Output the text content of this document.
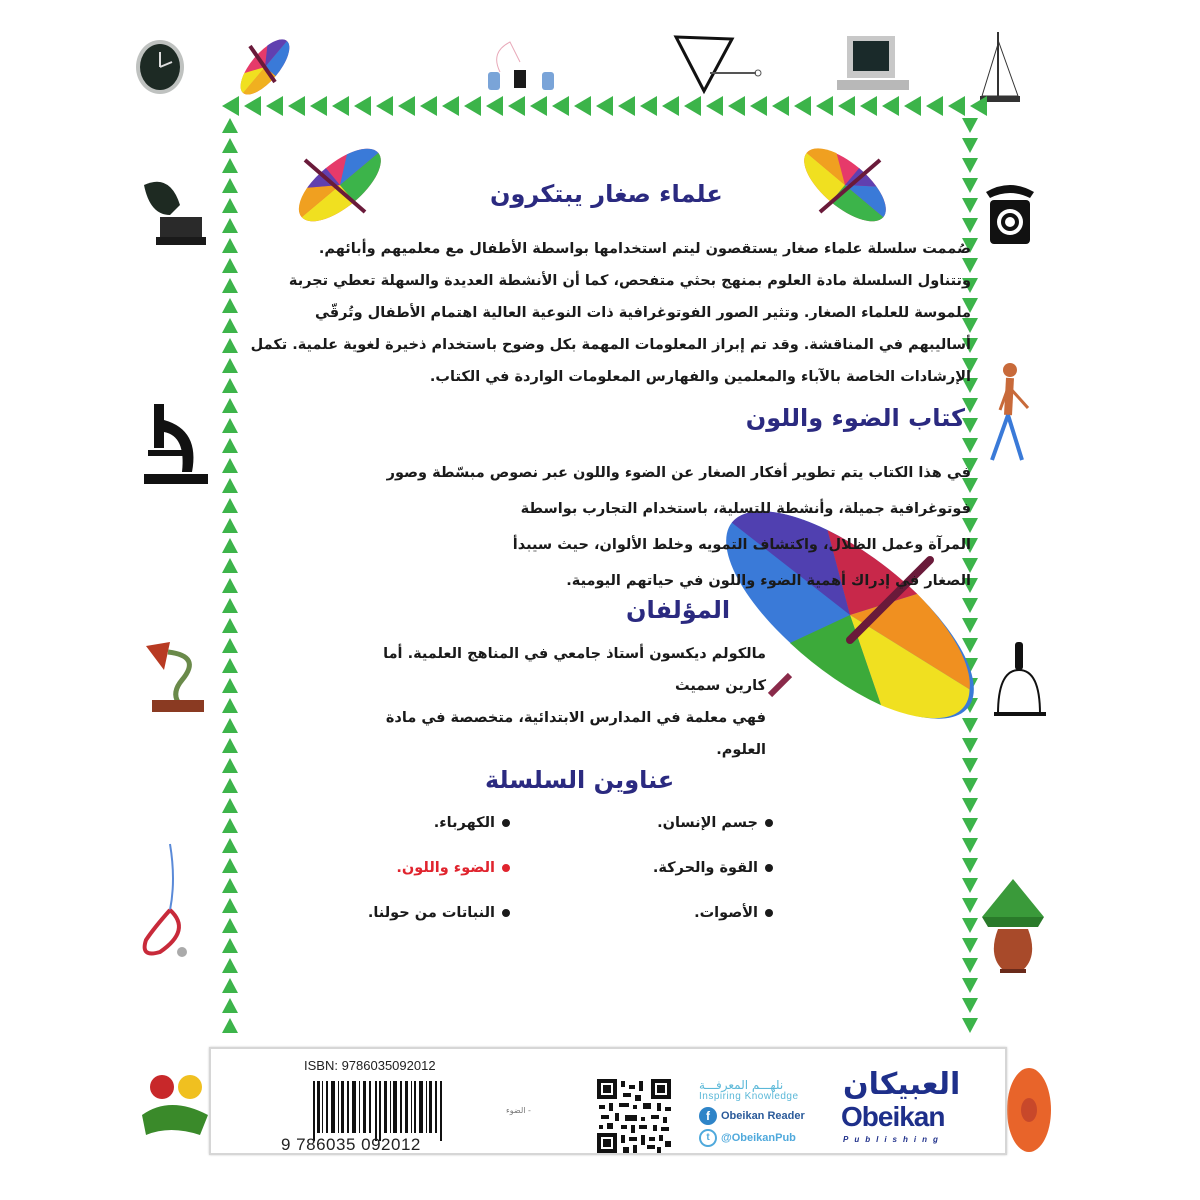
علماء صغار يبتكرون
صُممت سلسلة علماء صغار يستقصون ليتم استخدامها بواسطة الأطفال مع معلميهم وأبائهم.
وتتناول السلسلة مادة العلوم بمنهج بحثي متفحص، كما أن الأنشطة العديدة والسهلة تعطي تجربة
ملموسة للعلماء الصغار. وتثير الصور الفوتوغرافية ذات النوعية العالية اهتمام الأطفال وتُرقّي
أساليبهم في المناقشة. وقد تم إبراز المعلومات المهمة بكل وضوح باستخدام ذخيرة لغوية علمية. تكمل
الإرشادات الخاصة بالآباء والمعلمين والفهارس المعلومات الواردة في الكتاب.
كتاب الضوء واللون
في هذا الكتاب يتم تطوير أفكار الصغار عن الضوء واللون عبر نصوص مبسّطة وصور
فوتوغرافية جميلة، وأنشطة للتسلية، باستخدام التجارب بواسطة
المرآة وعمل الظلال، واكتشاف التمويه وخلط الألوان، حيث سيبدأ
الصغار في إدراك أهمية الضوء واللون في حياتهم اليومية.
المؤلفان
مالكولم ديكسون أستاذ جامعي في المناهج العلمية. أما كارين سميث
فهي معلمة في المدارس الابتدائية، متخصصة في مادة العلوم.
عناوين السلسلة
جسم الإنسان.
الكهرباء.
القوة والحركة.
الضوء واللون.
الأصوات.
النباتات من حولنا.
ISBN: 9786035092012
9 786035 092012
- الضوء
نلهـــم المعرفـــة
Inspiring Knowledge
f	Obeikan Reader
t	@ObeikanPub
العبيكان
Obeikan
Publishing
